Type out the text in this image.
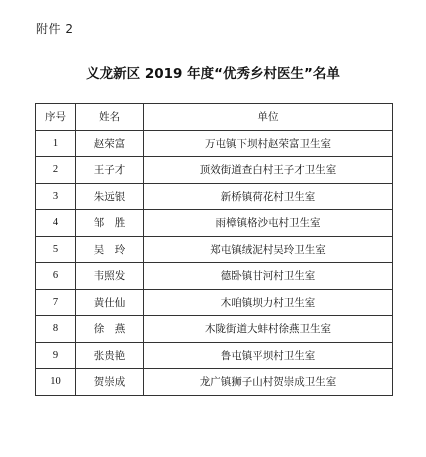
附件 2
义龙新区 2019 年度“优秀乡村医生”名单
序号	姓名	单位
1	赵荣富	万屯镇下坝村赵荣富卫生室
2	王子才	顶效街道查白村王子才卫生室
3	朱远银	新桥镇荷花村卫生室
4	邹　胜	雨樟镇格沙屯村卫生室
5	吴　玲	郑屯镇绒泥村吴玲卫生室
6	韦照发	德卧镇甘河村卫生室
7	黄仕仙	木咱镇坝力村卫生室
8	徐　燕	木陇街道大蚌村徐燕卫生室
9	张贵艳	鲁屯镇平坝村卫生室
10	贺崇成	龙广镇狮子山村贺崇成卫生室
